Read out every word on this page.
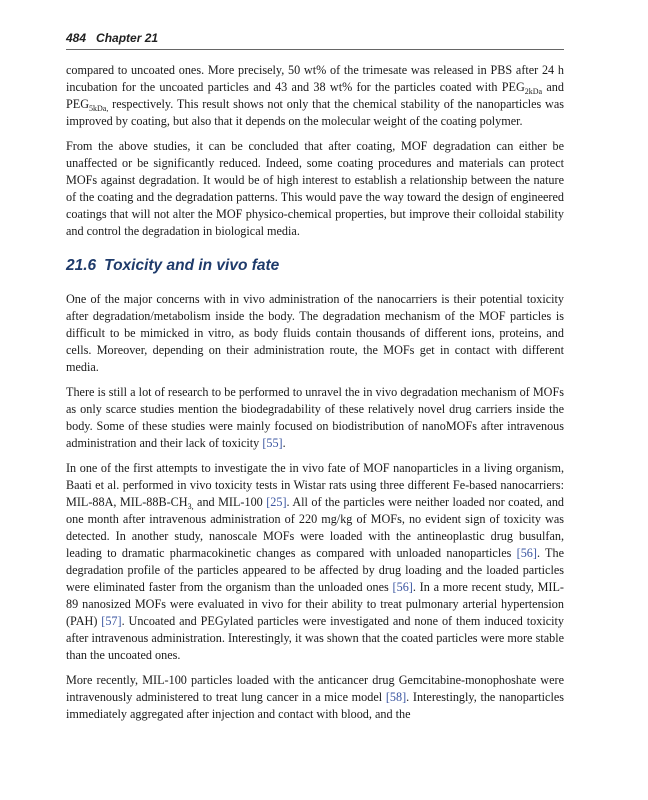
484 Chapter 21

compared to uncoated ones. More precisely, 50 wt% of the trimesate was released in PBS after 24 h incubation for the uncoated particles and 43 and 38 wt% for the particles coated with $PEG_{2kDa}$ and $PEG_{5kDa,}$ respectively. This result shows not only that the chemical stability of the nanoparticles was improved by coating, but also that it depends on the molecular weight of the coating polymer.

From the above studies, it can be concluded that after coating, MOF degradation can either be unaffected or be significantly reduced. Indeed, some coating procedures and materials can protect MOFs against degradation. It would be of high interest to establish a relationship between the nature of the coating and the degradation patterns. This would pave the way toward the design of engineered coatings that will not alter the MOF physico-chemical properties, but improve their colloidal stability and control the degradation in biological media.

21.6 Toxicity and in vivo fate

One of the major concerns with in vivo administration of the nanocarriers is their potential toxicity after degradation/metabolism inside the body. The degradation mechanism of the MOF particles is difficult to be mimicked in vitro, as body fluids contain thousands of different ions, proteins, and cells. Moreover, depending on their administration route, the MOFs get in contact with different media.

There is still a lot of research to be performed to unravel the in vivo degradation mechanism of MOFs as only scarce studies mention the biodegradability of these relatively novel drug carriers inside the body. Some of these studies were mainly focused on biodistribution of nanoMOFs after intravenous administration and their lack of toxicity [55].

In one of the first attempts to investigate the in vivo fate of MOF nanoparticles in a living organism, Baati et al. performed in vivo toxicity tests in Wistar rats using three different Fe-based nanocarriers: MIL-88A, MIL-$88B-CH_{3,}$ and MIL-100 [25]. All of the particles were neither loaded nor coated, and one month after intravenous administration of 220 mg/kg of MOFs, no evident sign of toxicity was detected. In another study, nanoscale MOFs were loaded with the antineoplastic drug busulfan, leading to dramatic pharmacokinetic changes as compared with unloaded nanoparticles [56]. The degradation profile of the particles appeared to be affected by drug loading and the loaded particles were eliminated faster from the organism than the unloaded ones [56]. In a more recent study, MIL-89 nanosized MOFs were evaluated in vivo for their ability to treat pulmonary arterial hypertension (PAH) [57]. Uncoated and PEGylated particles were investigated and none of them induced toxicity after intravenous administration. Interestingly, it was shown that the coated particles were more stable than the uncoated ones.

More recently, MIL-100 particles loaded with the anticancer drug Gemcitabine-monophoshate were intravenously administered to treat lung cancer in a mice model [58]. Interestingly, the nanoparticles immediately aggregated after injection and contact with blood, and the
